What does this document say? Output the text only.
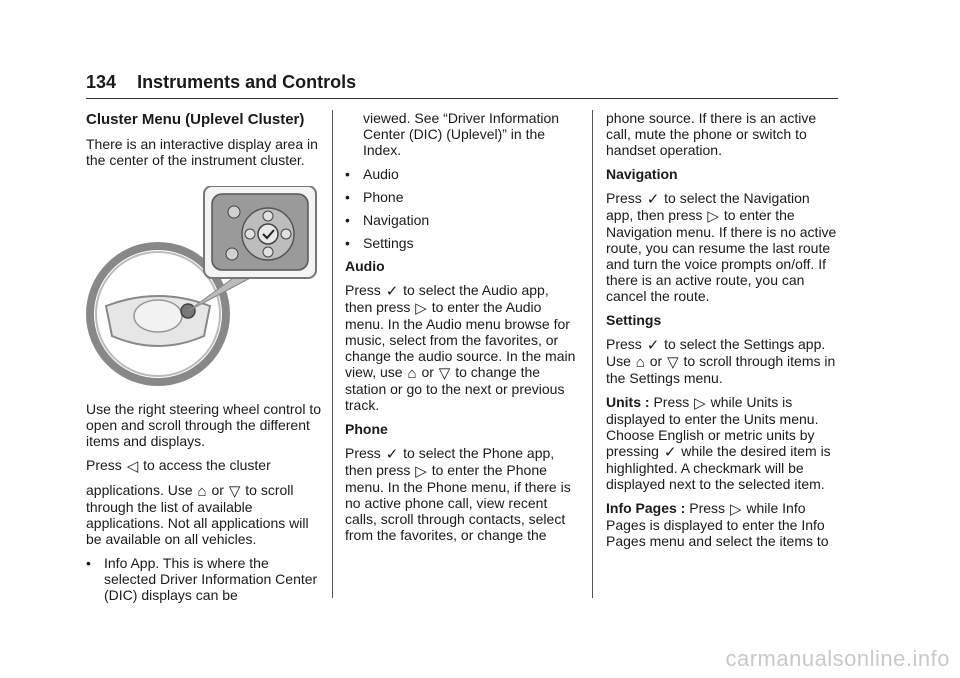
134 Instruments and Controls
Cluster Menu (Uplevel Cluster)

There is an interactive display area in the center of the instrument cluster.

Use the right steering wheel control to open and scroll through the different items and displays.

Press ◁ to access the cluster

applications. Use ⌂ or ▽ to scroll through the list of available applications. Not all applications will be available on all vehicles.

• Info App. This is where the selected Driver Information Center (DIC) displays can be

viewed. See “Driver Information Center (DIC) (Uplevel)” in the Index.

• Audio
• Phone
• Navigation
• Settings

Audio

Press ✓ to select the Audio app,
then press ▷ to enter the Audio menu. In the Audio menu browse for music, select from the favorites, or change the audio source. In the main view, use ⌂ or ▽ to change the station or go to the next or previous track.

Phone

Press ✓ to select the Phone app,
then press ▷ to enter the Phone menu. In the Phone menu, if there is no active phone call, view recent calls, scroll through contacts, select from the favorites, or change the

phone source. If there is an active call, mute the phone or switch to handset operation.

Navigation

Press ✓ to select the Navigation
app, then press ▷ to enter the Navigation menu. If there is no active route, you can resume the last route and turn the voice prompts on/off. If there is an active route, you can cancel the route.

Settings

Press ✓ to select the Settings app.
Use ⌂ or ▽ to scroll through items in the Settings menu.

Units : Press ▷ while Units is displayed to enter the Units menu. Choose English or metric units by pressing ✓ while the desired item is highlighted. A checkmark will be displayed next to the selected item.

Info Pages : Press ▷ while Info Pages is displayed to enter the Info Pages menu and select the items to

carmanualsonline.info
